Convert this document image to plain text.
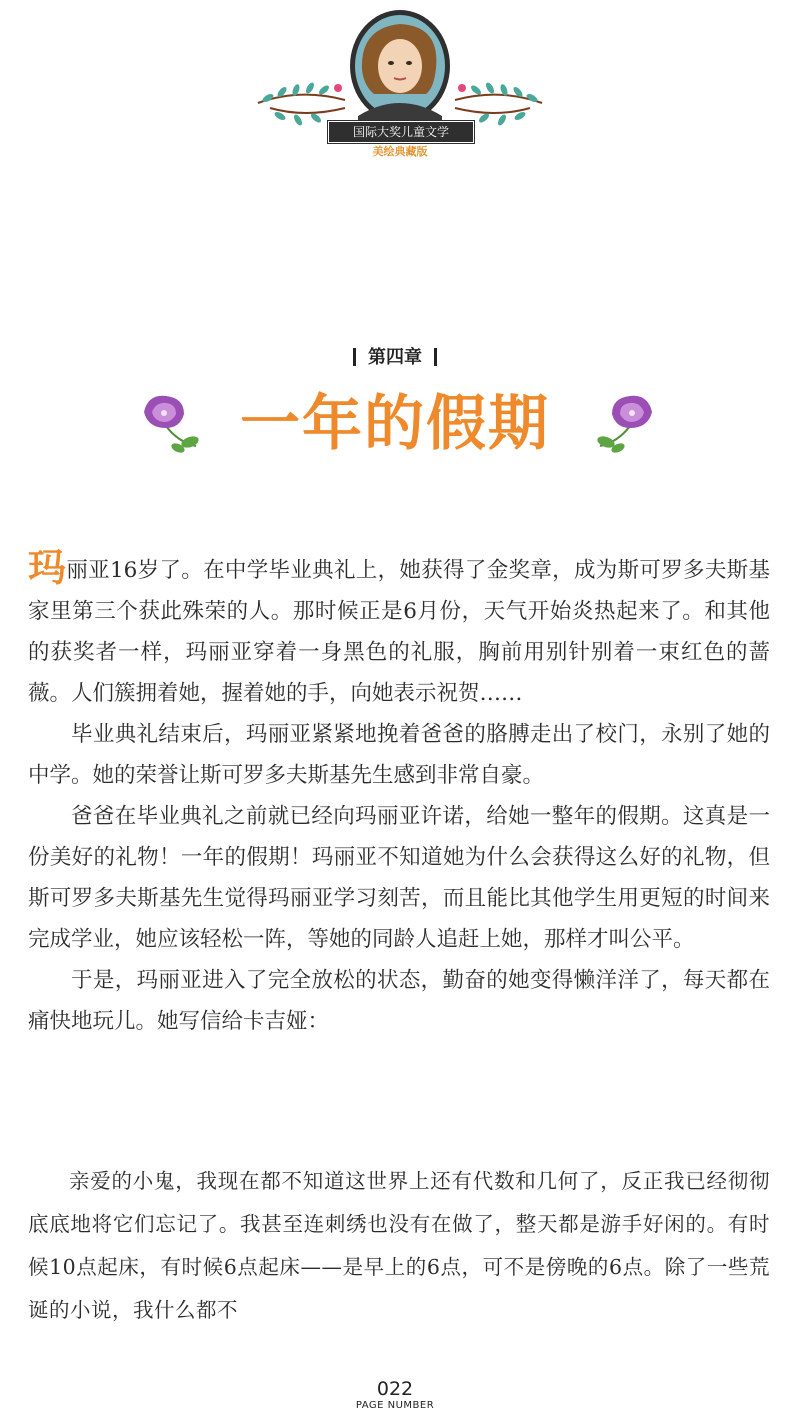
国际大奖儿童文学
美绘典藏版
第四章
一年的假期

玛丽亚16岁了。在中学毕业典礼上，她获得了金奖章，成为斯可罗多夫斯基家里第三个获此殊荣的人。那时候正是6月份，天气开始炎热起来了。和其他的获奖者一样，玛丽亚穿着一身黑色的礼服，胸前用别针别着一束红色的蔷薇。人们簇拥着她，握着她的手，向她表示祝贺……

毕业典礼结束后，玛丽亚紧紧地挽着爸爸的胳膊走出了校门，永别了她的中学。她的荣誉让斯可罗多夫斯基先生感到非常自豪。

爸爸在毕业典礼之前就已经向玛丽亚许诺，给她一整年的假期。这真是一份美好的礼物！一年的假期！玛丽亚不知道她为什么会获得这么好的礼物，但斯可罗多夫斯基先生觉得玛丽亚学习刻苦，而且能比其他学生用更短的时间来完成学业，她应该轻松一阵，等她的同龄人追赶上她，那样才叫公平。

于是，玛丽亚进入了完全放松的状态，勤奋的她变得懒洋洋了，每天都在痛快地玩儿。她写信给卡吉娅：

亲爱的小鬼，我现在都不知道这世界上还有代数和几何了，反正我已经彻彻底底地将它们忘记了。我甚至连刺绣也没有在做了，整天都是游手好闲的。有时候10点起床，有时候6点起床——是早上的6点，可不是傍晚的6点。除了一些荒诞的小说，我什么都不

022
PAGE NUMBER
